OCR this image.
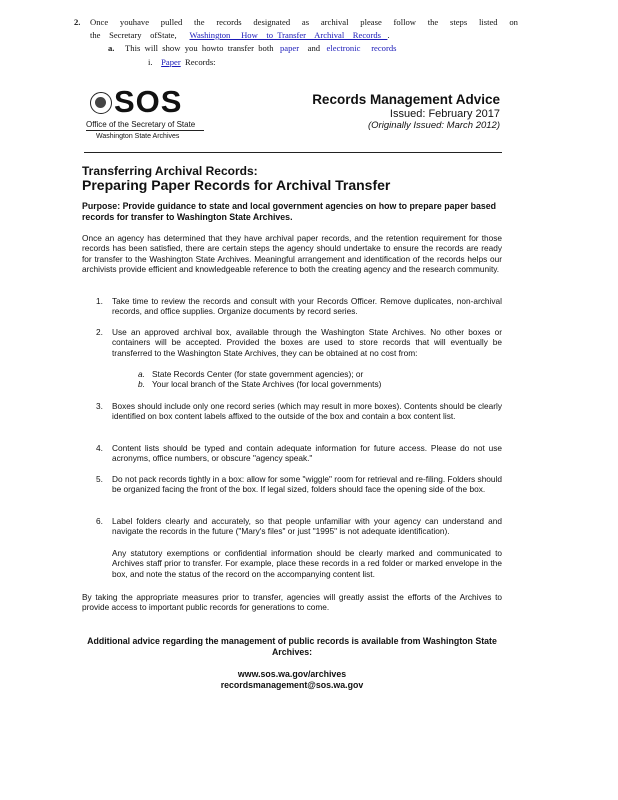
2. Once youhave pulled the records designated as archival please follow the steps listed on
the    Secretary    ofState, Washington     How    to  Transfer    Archival    Records .
a. This  will  show  you  howto  transfer  both paper and electronic records
i. Paper Records:
SOS
Office of the Secretary of State
Washington State Archives
Records Management Advice
Issued: February 2017
(Originally Issued: March 2012)
Transferring Archival Records:
Preparing Paper Records for Archival Transfer
Purpose: Provide guidance to state and local government agencies on how to prepare paper based records for transfer to Washington State Archives.
Once an agency has determined that they have archival paper records, and the retention requirement for those records has been satisfied, there are certain steps the agency should undertake to ensure the records are ready for transfer to the Washington State Archives. Meaningful arrangement and identification of the records helps our archivists provide efficient and knowledgeable reference to both the creating agency and the research community.
1. Take time to review the records and consult with your Records Officer. Remove duplicates, non-archival records, and office supplies. Organize documents by record series.
2. Use an approved archival box, available through the Washington State Archives. No other boxes or containers will be accepted. Provided the boxes are used to store records that will eventually be transferred to the Washington State Archives, they can be obtained at no cost from:
a. State Records Center (for state government agencies); or
b. Your local branch of the State Archives (for local governments)
3. Boxes should include only one record series (which may result in more boxes). Contents should be clearly identified on box content labels affixed to the outside of the box and contain a box content list.
4. Content lists should be typed and contain adequate information for future access. Please do not use acronyms, office numbers, or obscure "agency speak."
5. Do not pack records tightly in a box: allow for some "wiggle" room for retrieval and re-filing. Folders should be organized facing the front of the box. If legal sized, folders should face the opening side of the box.
6. Label folders clearly and accurately, so that people unfamiliar with your agency can understand and navigate the records in the future ("Mary's files" or just "1995" is not adequate identification).
Any statutory exemptions or confidential information should be clearly marked and communicated to Archives staff prior to transfer. For example, place these records in a red folder or marked envelope in the box, and note the status of the record on the accompanying content list.
By taking the appropriate measures prior to transfer, agencies will greatly assist the efforts of the Archives to provide access to important public records for generations to come.
Additional advice regarding the management of public records is available from Washington State Archives:
www.sos.wa.gov/archives
recordsmanagement@sos.wa.gov
